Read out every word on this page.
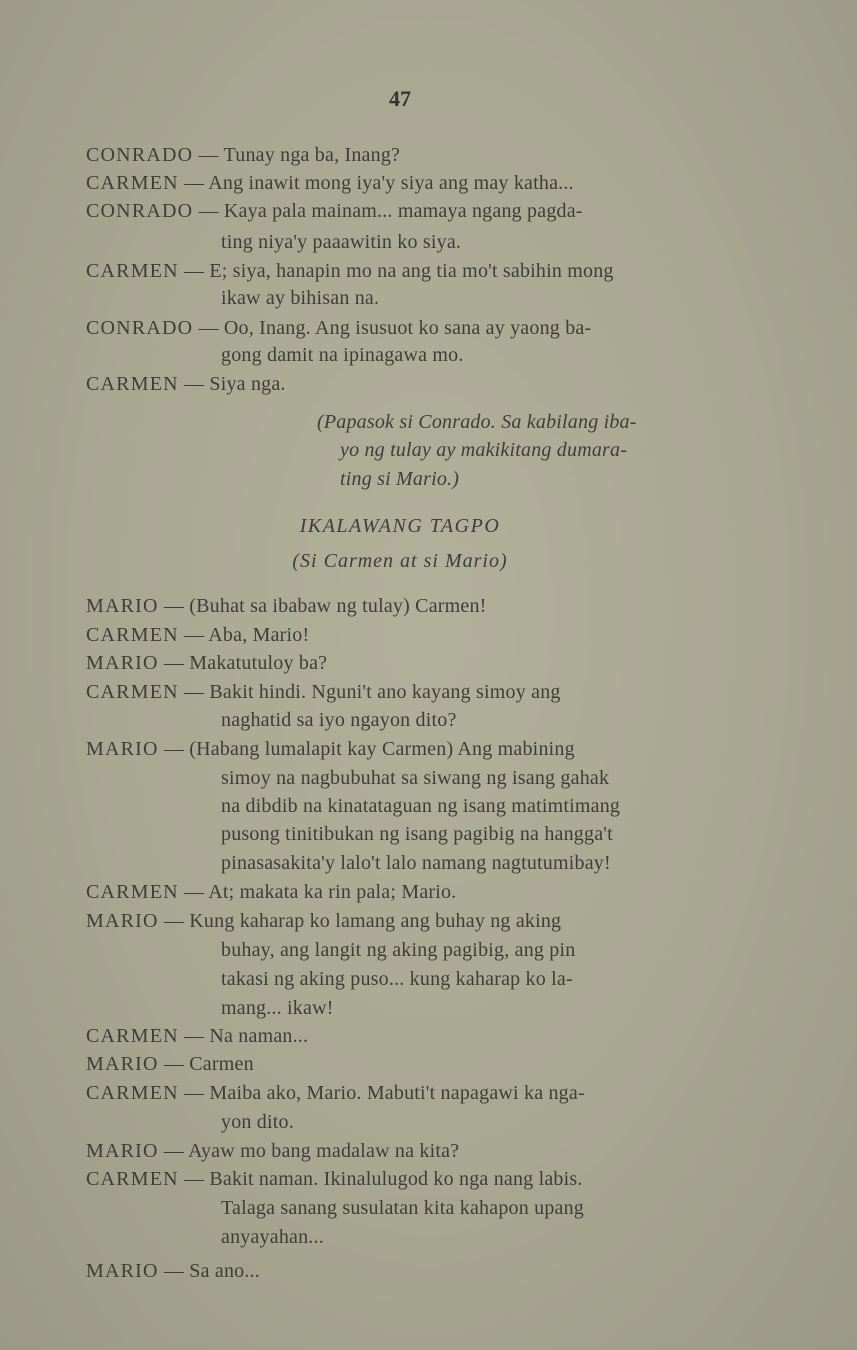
47
CONRADO — Tunay nga ba, Inang?
CARMEN — Ang inawit mong iya'y siya ang may katha...
CONRADO — Kaya pala mainam... mamaya ngang pagda-
ting niya'y paaawitin ko siya.
CARMEN — E; siya, hanapin mo na ang tia mo't sabihin mong
ikaw ay bihisan na.
CONRADO — Oo, Inang. Ang isusuot ko sana ay yaong ba-
gong damit na ipinagawa mo.
CARMEN — Siya nga.
(Papasok si Conrado. Sa kabilang iba-
yo ng tulay ay makikitang dumara-
ting si Mario.)
IKALAWANG TAGPO
(Si Carmen at si Mario)
MARIO — (Buhat sa ibabaw ng tulay) Carmen!
CARMEN — Aba, Mario!
MARIO — Makatutuloy ba?
CARMEN — Bakit hindi. Nguni't ano kayang simoy ang
naghatid sa iyo ngayon dito?
MARIO — (Habang lumalapit kay Carmen) Ang mabining
simoy na nagbubuhat sa siwang ng isang gahak
na dibdib na kinatataguan ng isang matimtimang
pusong tinitibukan ng isang pagibig na hangga't
pinasasakita'y lalo't lalo namang nagtutumibay!
CARMEN — At; makata ka rin pala; Mario.
MARIO — Kung kaharap ko lamang ang buhay ng aking
buhay, ang langit ng aking pagibig, ang pin
takasi ng aking puso... kung kaharap ko la-
mang... ikaw!
CARMEN — Na naman...
MARIO — Carmen
CARMEN — Maiba ako, Mario. Mabuti't napagawi ka nga-
yon dito.
MARIO — Ayaw mo bang madalaw na kita?
CARMEN — Bakit naman. Ikinalulugod ko nga nang labis.
Talaga sanang susulatan kita kahapon upang
anyayahan...
MARIO — Sa ano...
